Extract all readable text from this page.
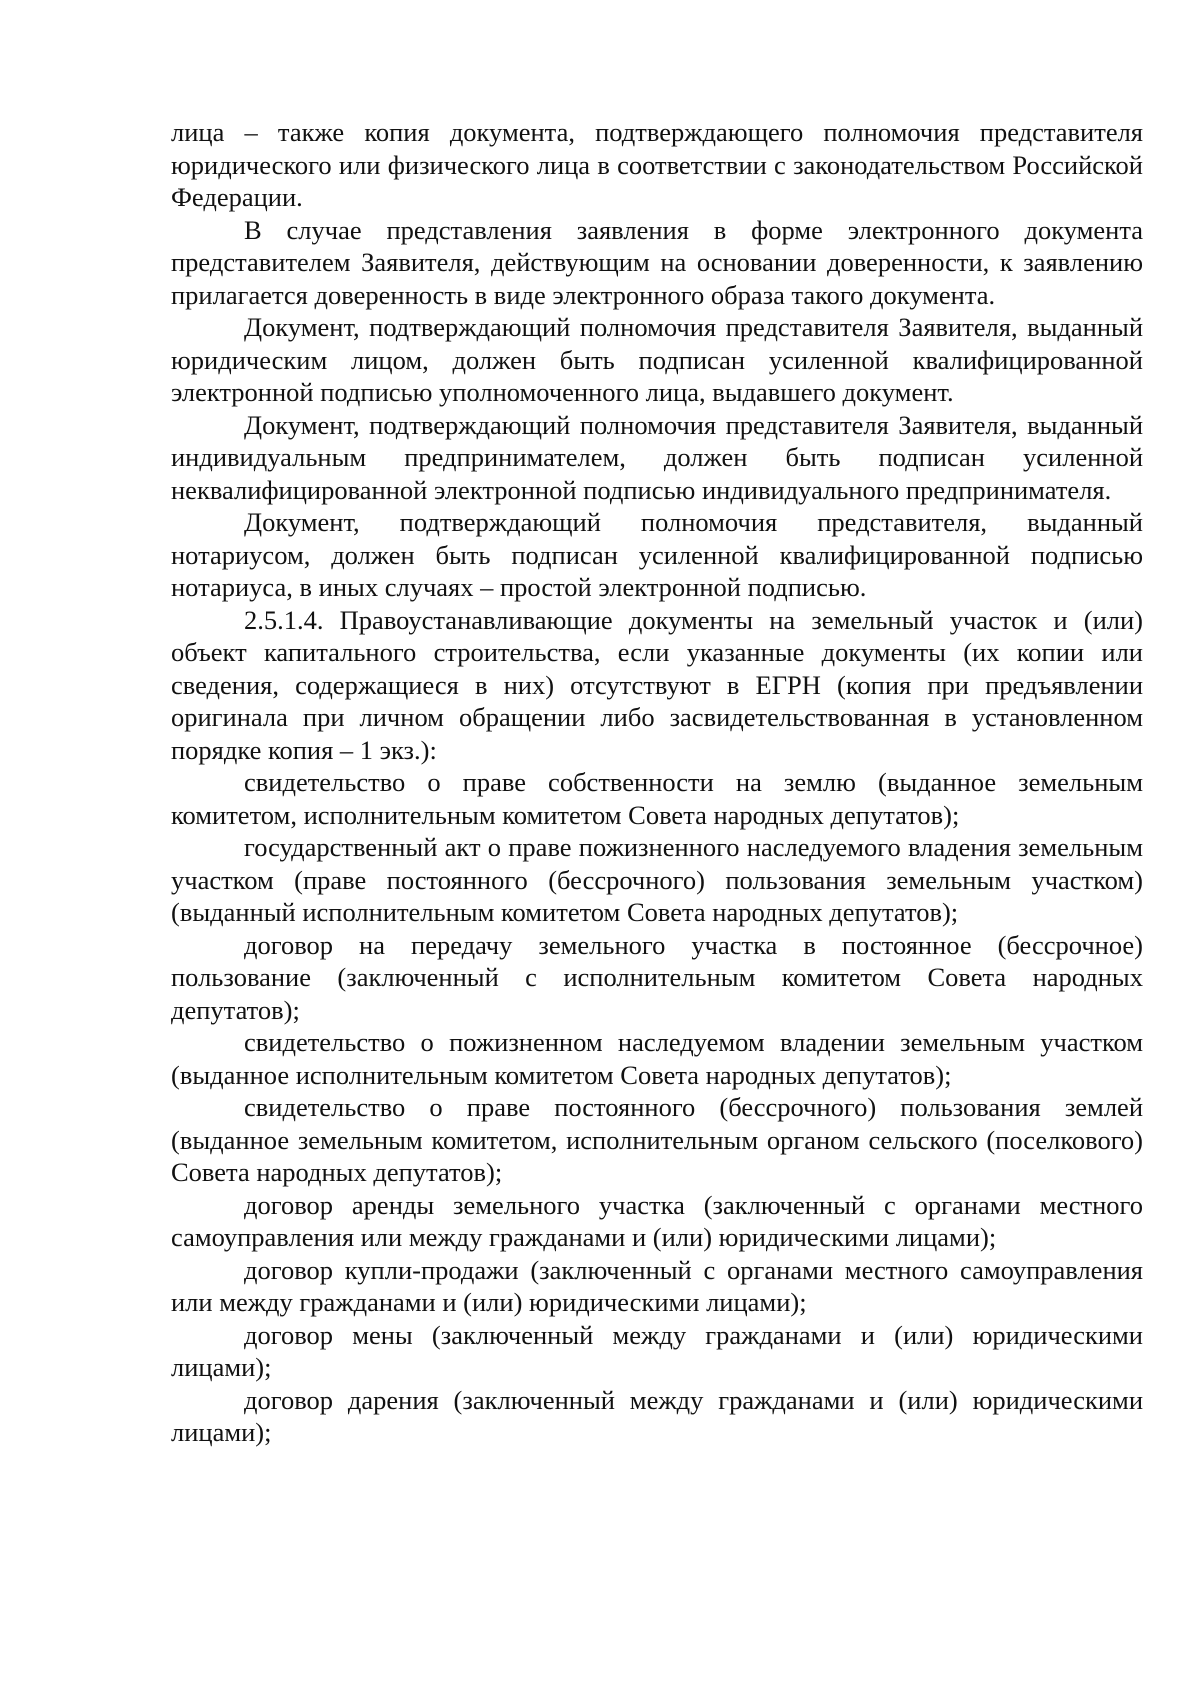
лица – также копия документа, подтверждающего полномочия представителя юридического или физического лица в соответствии с законодательством Российской Федерации.

В случае представления заявления в форме электронного документа представителем Заявителя, действующим на основании доверенности, к заявлению прилагается доверенность в виде электронного образа такого документа.

Документ, подтверждающий полномочия представителя Заявителя, выданный юридическим лицом, должен быть подписан усиленной квалифицированной электронной подписью уполномоченного лица, выдавшего документ.

Документ, подтверждающий полномочия представителя Заявителя, выданный индивидуальным предпринимателем, должен быть подписан усиленной неквалифицированной электронной подписью индивидуального предпринимателя.

Документ, подтверждающий полномочия представителя, выданный нотариусом, должен быть подписан усиленной квалифицированной подписью нотариуса, в иных случаях – простой электронной подписью.

2.5.1.4. Правоустанавливающие документы на земельный участок и (или) объект капитального строительства, если указанные документы (их копии или сведения, содержащиеся в них) отсутствуют в ЕГРН (копия при предъявлении оригинала при личном обращении либо засвидетельствованная в установленном порядке копия – 1 экз.):

свидетельство о праве собственности на землю (выданное земельным комитетом, исполнительным комитетом Совета народных депутатов);

государственный акт о праве пожизненного наследуемого владения земельным участком (праве постоянного (бессрочного) пользования земельным участком) (выданный исполнительным комитетом Совета народных депутатов);

договор на передачу земельного участка в постоянное (бессрочное) пользование (заключенный с исполнительным комитетом Совета народных депутатов);

свидетельство о пожизненном наследуемом владении земельным участком (выданное исполнительным комитетом Совета народных депутатов);

свидетельство о праве постоянного (бессрочного) пользования землей (выданное земельным комитетом, исполнительным органом сельского (поселкового) Совета народных депутатов);

договор аренды земельного участка (заключенный с органами местного самоуправления или между гражданами и (или) юридическими лицами);

договор купли-продажи (заключенный с органами местного самоуправления или между гражданами и (или) юридическими лицами);

договор мены (заключенный между гражданами и (или) юридическими лицами);

договор дарения (заключенный между гражданами и (или) юридическими лицами);
